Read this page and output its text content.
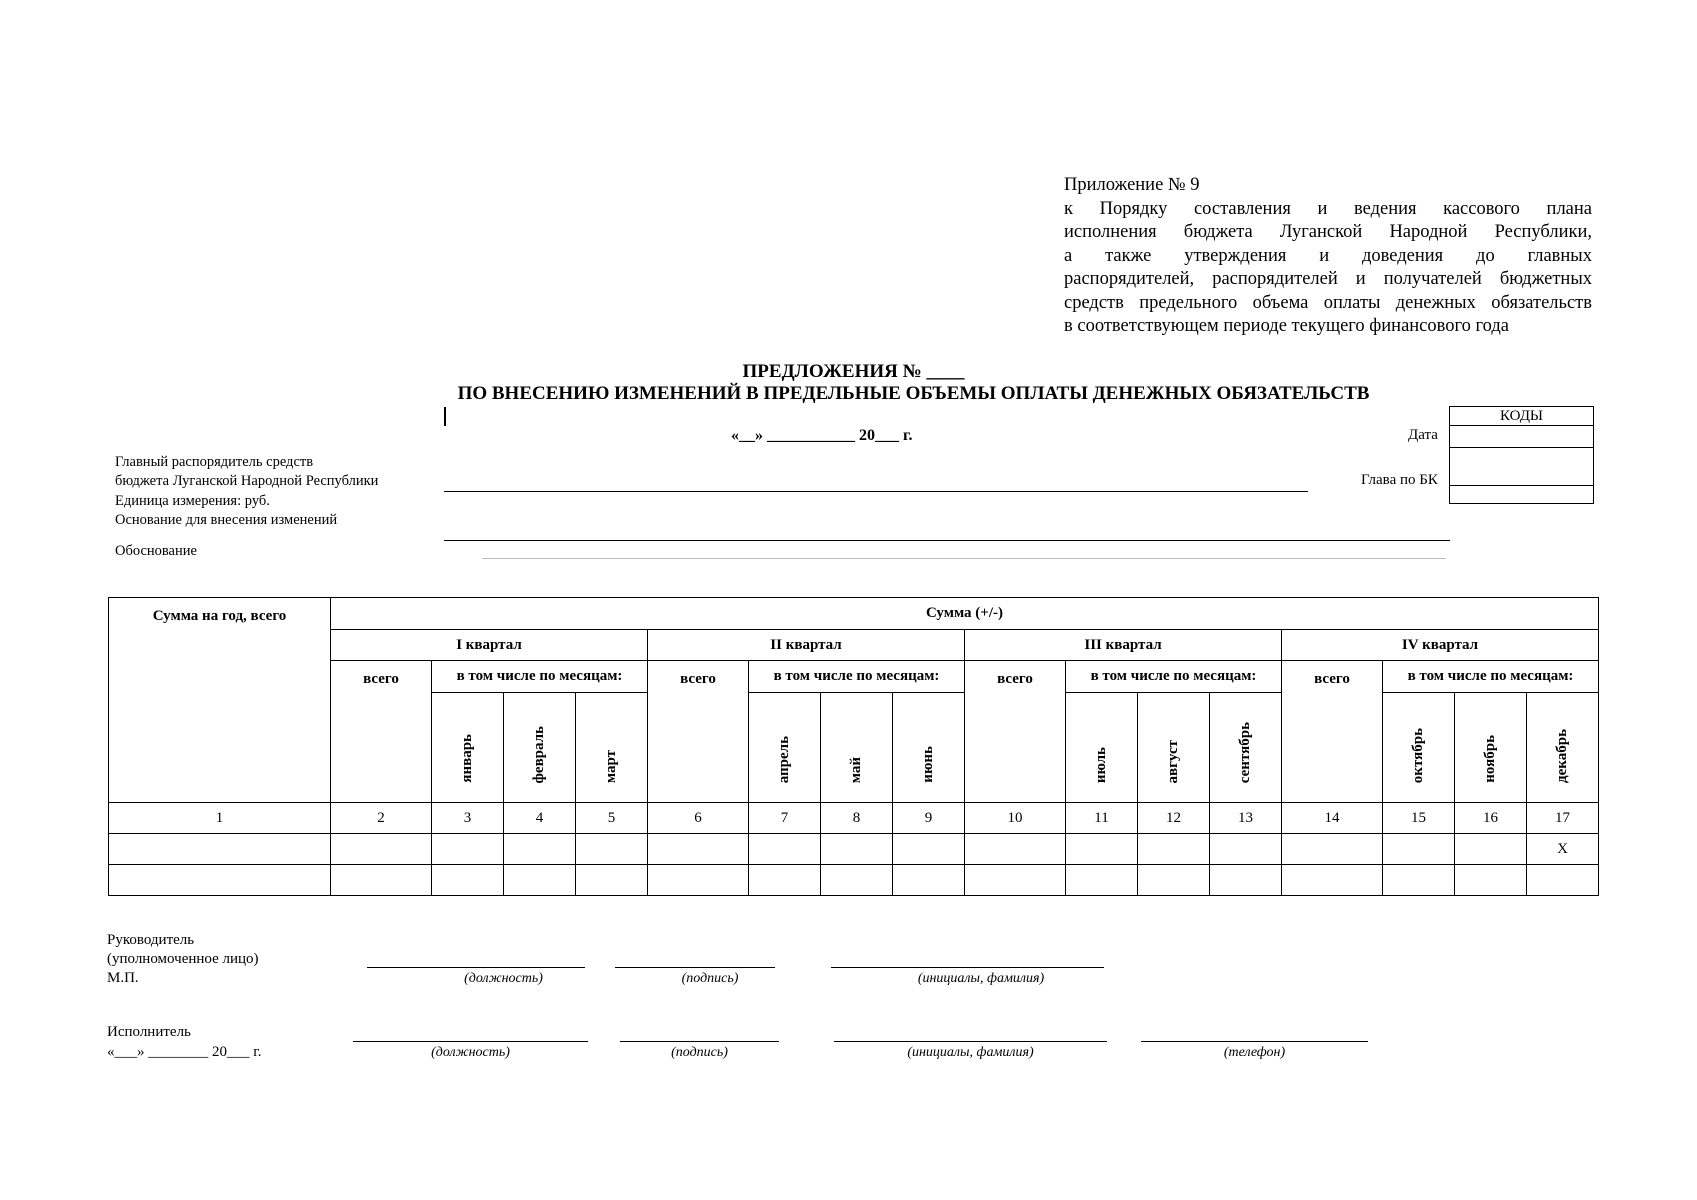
Приложение № 9
к Порядку составления и ведения кассового плана
исполнения бюджета Луганской Народной Республики,
а также утверждения и доведения до главных
распорядителей, распорядителей и получателей бюджетных
средств предельного объема оплаты денежных обязательств
в соответствующем периоде текущего финансового года
ПРЕДЛОЖЕНИЯ № ____
ПО ВНЕСЕНИЮ ИЗМЕНЕНИЙ В ПРЕДЕЛЬНЫЕ ОБЪЕМЫ ОПЛАТЫ ДЕНЕЖНЫХ ОБЯЗАТЕЛЬСТВ
«__» ___________ 20___ г.
КОДЫ

Дата
Глава по БК
Главный распорядитель средств
бюджета Луганской Народной Республики
Единица измерения: руб.
Основание для внесения изменений
Обоснование
Сумма на год, всего	Сумма (+/-)															
	I квартал				II квартал				III квартал				IV квартал			
	всего	в том числе по месяцам:			всего	в том числе по месяцам:			всего	в том числе по месяцам:			всего	в том числе по месяцам:		
		январь	февраль	март		апрель	май	июнь		июль	август	сентябрь		октябрь	ноябрь	декабрь
1	2	3	4	5	6	7	8	9	10	11	12	13	14	15	16	17
																X

Руководитель
(уполномоченное лицо)
М.П.	(должность)	(подпись)	(инициалы, фамилия)
Исполнитель
«___» ________ 20___ г.	(должность)	(подпись)	(инициалы, фамилия)	(телефон)
